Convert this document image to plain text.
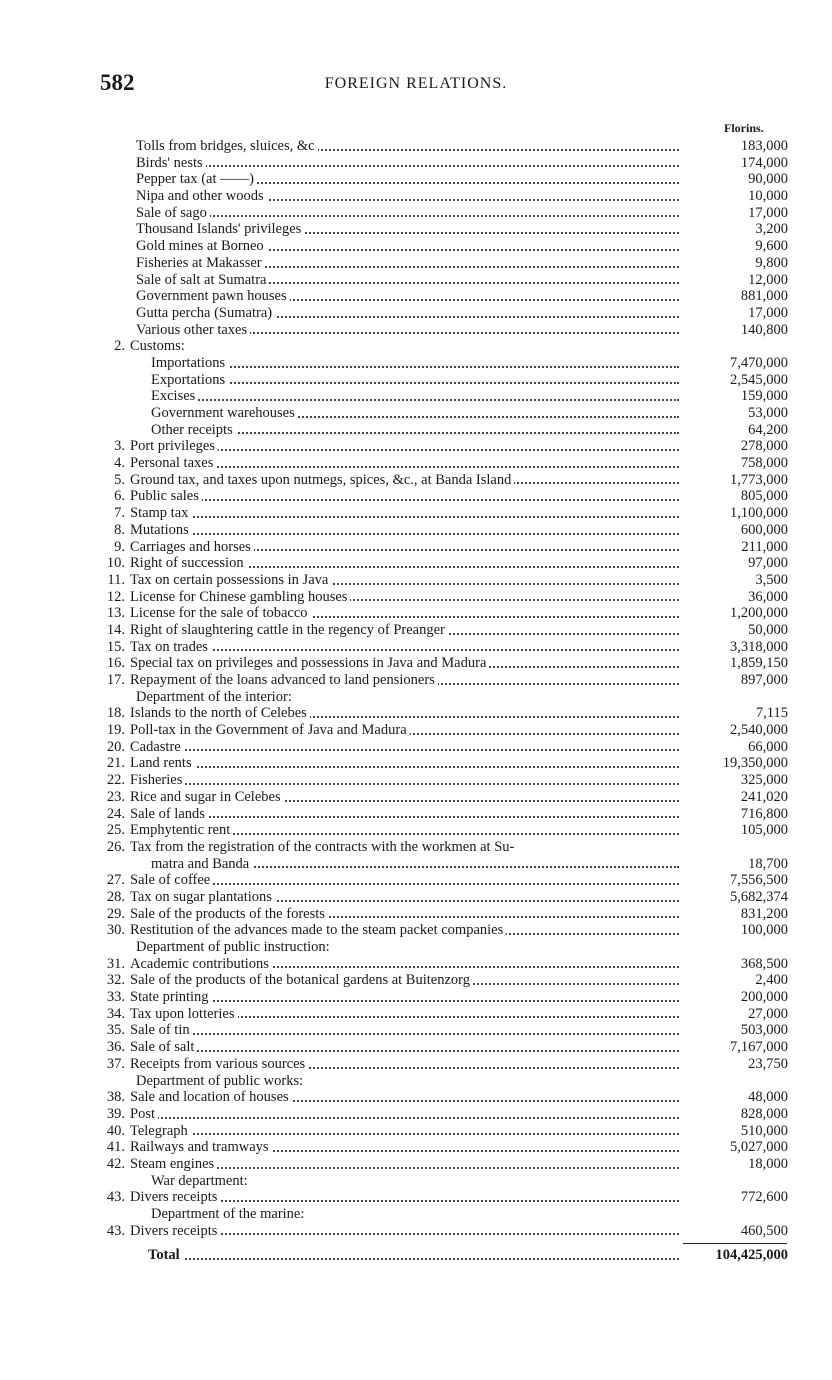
582	FOREIGN RELATIONS.
Florins.
Tolls from bridges, sluices, &c	183,000
Birds' nests	174,000
Pepper tax (at ——)	90,000
Nipa and other woods	10,000
Sale of sago	17,000
Thousand Islands' privileges	3,200
Gold mines at Borneo	9,600
Fisheries at Makasser	9,800
Sale of salt at Sumatra	12,000
Government pawn houses	881,000
Gutta percha (Sumatra)	17,000
Various other taxes	140,800
2. Customs:
Importations	7,470,000
Exportations	2,545,000
Excises	159,000
Government warehouses	53,000
Other receipts	64,200
3. Port privileges	278,000
4. Personal taxes	758,000
5. Ground tax, and taxes upon nutmegs, spices, &c., at Banda Island	1,773,000
6. Public sales	805,000
7. Stamp tax	1,100,000
8. Mutations	600,000
9. Carriages and horses	211,000
10. Right of succession	97,000
11. Tax on certain possessions in Java	3,500
12. License for Chinese gambling houses	36,000
13. License for the sale of tobacco	1,200,000
14. Right of slaughtering cattle in the regency of Preanger	50,000
15. Tax on trades	3,318,000
16. Special tax on privileges and possessions in Java and Madura	1,859,150
17. Repayment of the loans advanced to land pensioners	897,000
Department of the interior:
18. Islands to the north of Celebes	7,115
19. Poll-tax in the Government of Java and Madura	2,540,000
20. Cadastre	66,000
21. Land rents	19,350,000
22. Fisheries	325,000
23. Rice and sugar in Celebes	241,020
24. Sale of lands	716,800
25. Emphytentic rent	105,000
26. Tax from the registration of the contracts with the workmen at Su-
matra and Banda	18,700
27. Sale of coffee	7,556,500
28. Tax on sugar plantations	5,682,374
29. Sale of the products of the forests	831,200
30. Restitution of the advances made to the steam packet companies	100,000
Department of public instruction:
31. Academic contributions	368,500
32. Sale of the products of the botanical gardens at Buitenzorg	2,400
33. State printing	200,000
34. Tax upon lotteries	27,000
35. Sale of tin	503,000
36. Sale of salt	7,167,000
37. Receipts from various sources	23,750
Department of public works:
38. Sale and location of houses	48,000
39. Post	828,000
40. Telegraph	510,000
41. Railways and tramways	5,027,000
42. Steam engines	18,000
War department:
43. Divers receipts	772,600
Department of the marine:
43. Divers receipts	460,500
Total	104,425,000
